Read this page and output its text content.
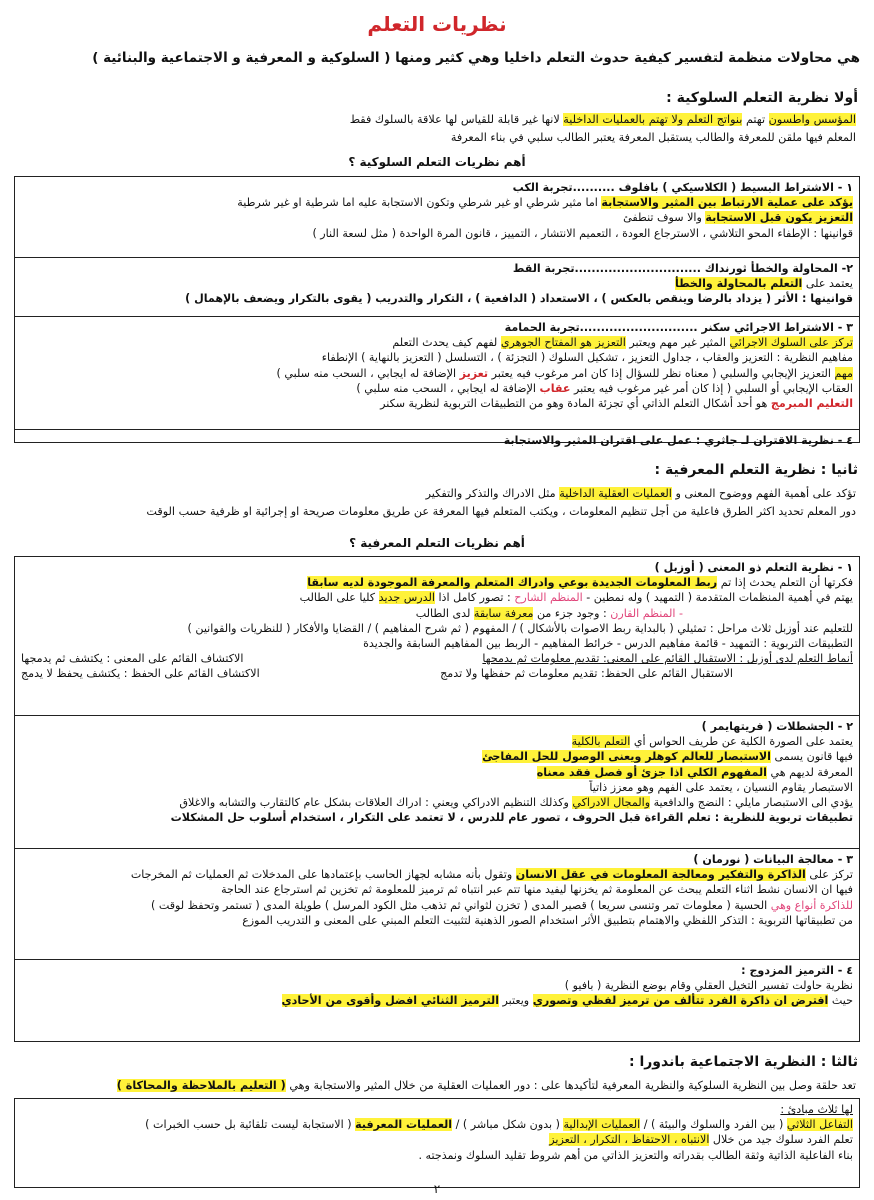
نظريات التعلم
هي محاولات منظمة لتفسير كيفية حدوث التعلم داخليا وهي كثير ومنها ( السلوكية و المعرفية و الاجتماعية والبنائية )
أولا نظرية التعلم السلوكية :
المؤسس واطسون تهتم بنواتج التعلم ولا تهتم بالعمليات الداخلية لانها غير قابلة للقياس لها علاقة بالسلوك فقط
المعلم فيها ملقن للمعرفة والطالب يستقبل المعرفة يعتبر الطالب سلبي في بناء المعرفة
أهم نظريات التعلم السلوكية ؟
١ - الاشتراط البسيط ( الكلاسيكي ) بافلوف ..........تجربة الكب
يؤكد على عملية الارتباط بين المثير والاستجابة اما مثير شرطي او غير شرطي وتكون الاستجابة عليه اما شرطية او غير شرطية
التعزيز يكون قبل الاستجابة والا سوف تنطفئ
قوانينها : الإطفاء المحو التلاشي ، الاسترجاع العودة ، التعميم الانتشار ، التمييز ، قانون المرة الواحدة ( مثل لسعة النار )
٢- المحاولة والخطأ ثورنداك ..............................تجربة القط
يعتمد على التعلم بالمحاولة والخطأ
قوانينها : الأثر ( يزداد بالرضا وينقص بالعكس ) ، الاستعداد ( الدافعية ) ، التكرار والتدريب ( يقوى بالتكرار ويضعف بالإهمال )
٣ - الاشتراط الاجرائي سكنر ............................تجربة الحمامة
تركز على السلوك الاجرائي المثير غير مهم ويعتبر التعزيز هو المفتاح الجوهري لفهم كيف يحدث التعلم
مفاهيم النظرية : التعزيز والعقاب ، جداول التعزيز ، تشكيل السلوك ( التجزئة ) ، التسلسل ( التعزيز بالنهاية ) الإنطفاء
مهم التعزيز الإيجابي والسلبي ( معناه نظر للسؤال إذا كان امر مرغوب فيه يعتبر تعزيز الإضافة له ايجابي ، السحب منه سلبي )
العقاب الإيجابي أو السلبي ( إذا كان أمر غير مرغوب فيه يعتبر عقاب الإضافة له ايجابي ، السحب منه سلبي )
التعليم المبرمج هو أحد أشكال التعلم الذاتي أي تجزئة المادة وهو من التطبيقات التربوية لنظرية سكنر
٤ - نظرية الاقتران لـ جاثري : عمل على اقتران المثير والاستجابة
ثانيا : نظرية التعلم المعرفية :
تؤكد على أهمية الفهم ووضوح المعنى و العمليات العقلية الداخلية مثل الادراك والتذكر والتفكير
دور المعلم تحديد اكثر الطرق فاعلية من أجل تنظيم المعلومات ، ويكتب المتعلم فيها المعرفة عن طريق معلومات صريحة او إجرائية او ظرفية حسب الوقت
أهم نظريات التعلم المعرفية ؟
١ - نظرية التعلم ذو المعنى ( أوزبل )
فكرتها أن التعلم يحدث إذا تم ربط المعلومات الجديدة بوعي وادراك المتعلم والمعرفة الموجودة لديه سابقا
يهتم في أهمية المنظمات المتقدمة ( التمهيد ) وله نمطين - المنظم الشارح : تصور كامل اذا الدرس جديد كليا على الطالب
- المنظم القارن : وجود جزء من معرفة سابقة لدى الطالب
للتعليم عند أوزبل ثلاث مراحل : تمثيلي ( بالبداية ربط الاصوات بالأشكال ) / المفهوم ( ثم شرح المفاهيم ) / القضايا والأفكار ( للنظريات والقوانين )
التطبيقات التربوية : التمهيد - قائمة مفاهيم الدرس - خرائط المفاهيم - الربط بين المفاهيم السابقة والجديدة
أنماط التعلم لدى أوزبل : الاستقبال القائم على المعنى: تقديم معلومات ثم يدمجها
الاكتشاف القائم على المعنى : يكتشف ثم يدمجها
الاستقبال القائم على الحفظ: تقديم معلومات ثم حفظها ولا تدمج
الاكتشاف القائم على الحفظ : يكتشف يحفظ لا يدمج
٢ - الجشطلات ( فريتهايمر )
يعتمد على الصورة الكلية عن طريف الحواس أي التعلم بالكلية
فيها قانون يسمى الاستبصار للعالم كوهلر ويعنى الوصول للحل المفاجئ
المعرفة لديهم هي المفهوم الكلي اذا جزئ أو فصل فقد معناه
الاستبصار يقاوم النسيان ، يعتمد على الفهم وهو معزز ذاتياً
يؤدي الى الاستبصار مايلي : النضج والدافعية والمجال الادراكي وكذلك التنظيم الادراكي ويعني : ادراك العلاقات بشكل عام كالتقارب والتشابه والاغلاق
تطبيقات تربوية للنظرية : تعلم القراءة قبل الحروف ، تصور عام للدرس ، لا تعتمد على التكرار ، استخدام أسلوب حل المشكلات
٣ - معالجة البيانات ( نورمان )
تركز على الذاكرة والتفكير ومعالجة المعلومات في عقل الانسان وتقول بأنه مشابه لجهاز الحاسب بإعتمادها على المدخلات ثم العمليات ثم المخرجات
فيها ان الانسان نشط اثناء التعلم يبحث عن المعلومة ثم يخزنها ليفيد منها تتم عبر انتباه ثم ترميز للمعلومة ثم تخزين ثم استرجاع عند الحاجة
للذاكرة أنواع وهي الحسية ( معلومات تمر وتنسى سريعا ) قصير المدى ( تخزن لثواني ثم تذهب مثل الكود المرسل ) طويلة المدى ( تستمر وتحفظ لوقت )
من تطبيقاتها التربوية : التذكر اللفظي والاهتمام بتطبيق الأثر استخدام الصور الذهنية لتثبيت التعلم المبني على المعنى و التدريب الموزع
٤ - الترميز المزدوج :
نظرية حاولت تفسير التخيل العقلي وقام بوضع النظرية ( بافيو )
حيث افترض ان ذاكرة الفرد تتألف من ترميز لفظي وتصوري ويعتبر الترميز الثنائي افضل وأقوى من الأحادي
ثالثا : النظرية الاجتماعية باندورا :
تعد حلقة وصل بين النظرية السلوكية والنظرية المعرفية لتأكيدها على : دور العمليات العقلية من خلال المثير والاستجابة وهي ( التعليم بالملاحظة والمحاكاة )
لها ثلاث مبادئ :
التفاعل الثلاثي ( بين الفرد والسلوك والبيئة ) / العمليات الإبدالية ( بدون شكل مباشر ) / العمليات المعرفية ( الاستجابة ليست تلقائية بل حسب الخبرات )
تعلم الفرد سلوك جيد من خلال الانتباه ، الاحتفاظ ، التكرار ، التعزيز
بناء الفاعلية الذاتية وثقة الطالب بقدراته والتعزيز الذاتي من أهم شروط تقليد السلوك ونمذجته .
٢
